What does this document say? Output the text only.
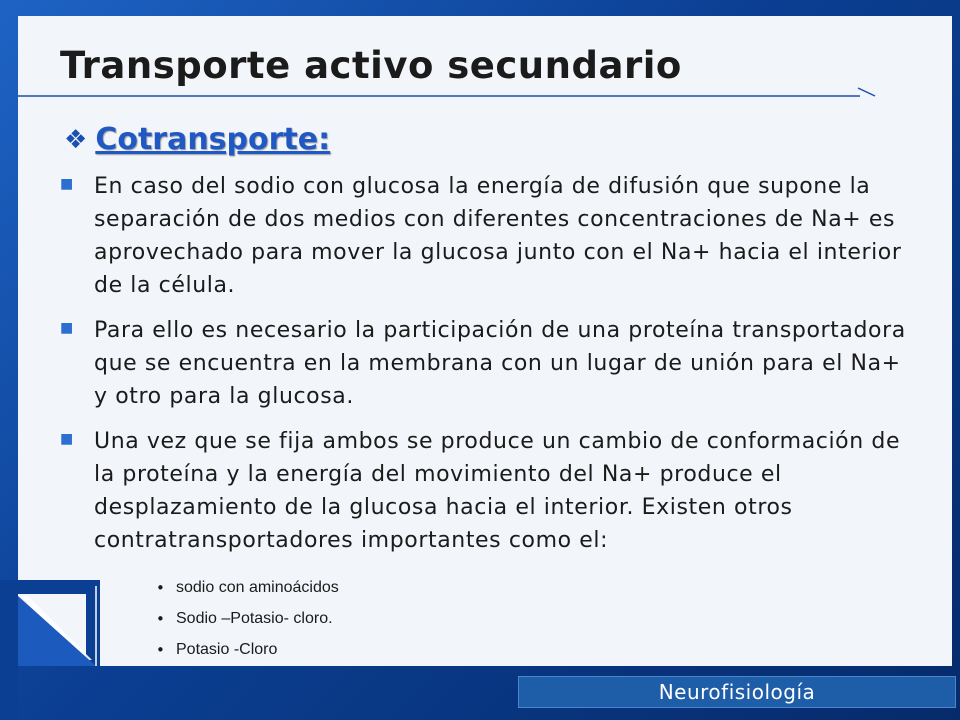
Transporte activo secundario
❖ Cotransporte:
■ En caso del sodio con glucosa la energía de difusión que supone la separación de dos medios con diferentes concentraciones de Na+ es aprovechado para mover la glucosa junto con el Na+ hacia el interior de la célula.
■ Para ello es necesario la participación de una proteína transportadora que se encuentra en la membrana con un lugar de unión para el Na+ y otro para la glucosa.
■ Una vez que se fija ambos se produce un cambio de conformación de la proteína y la energía del movimiento del Na+ produce el desplazamiento de la glucosa hacia el interior. Existen otros contratransportadores importantes como el:
• sodio con aminoácidos
• Sodio –Potasio- cloro.
• Potasio -Cloro
Neurofisiología
